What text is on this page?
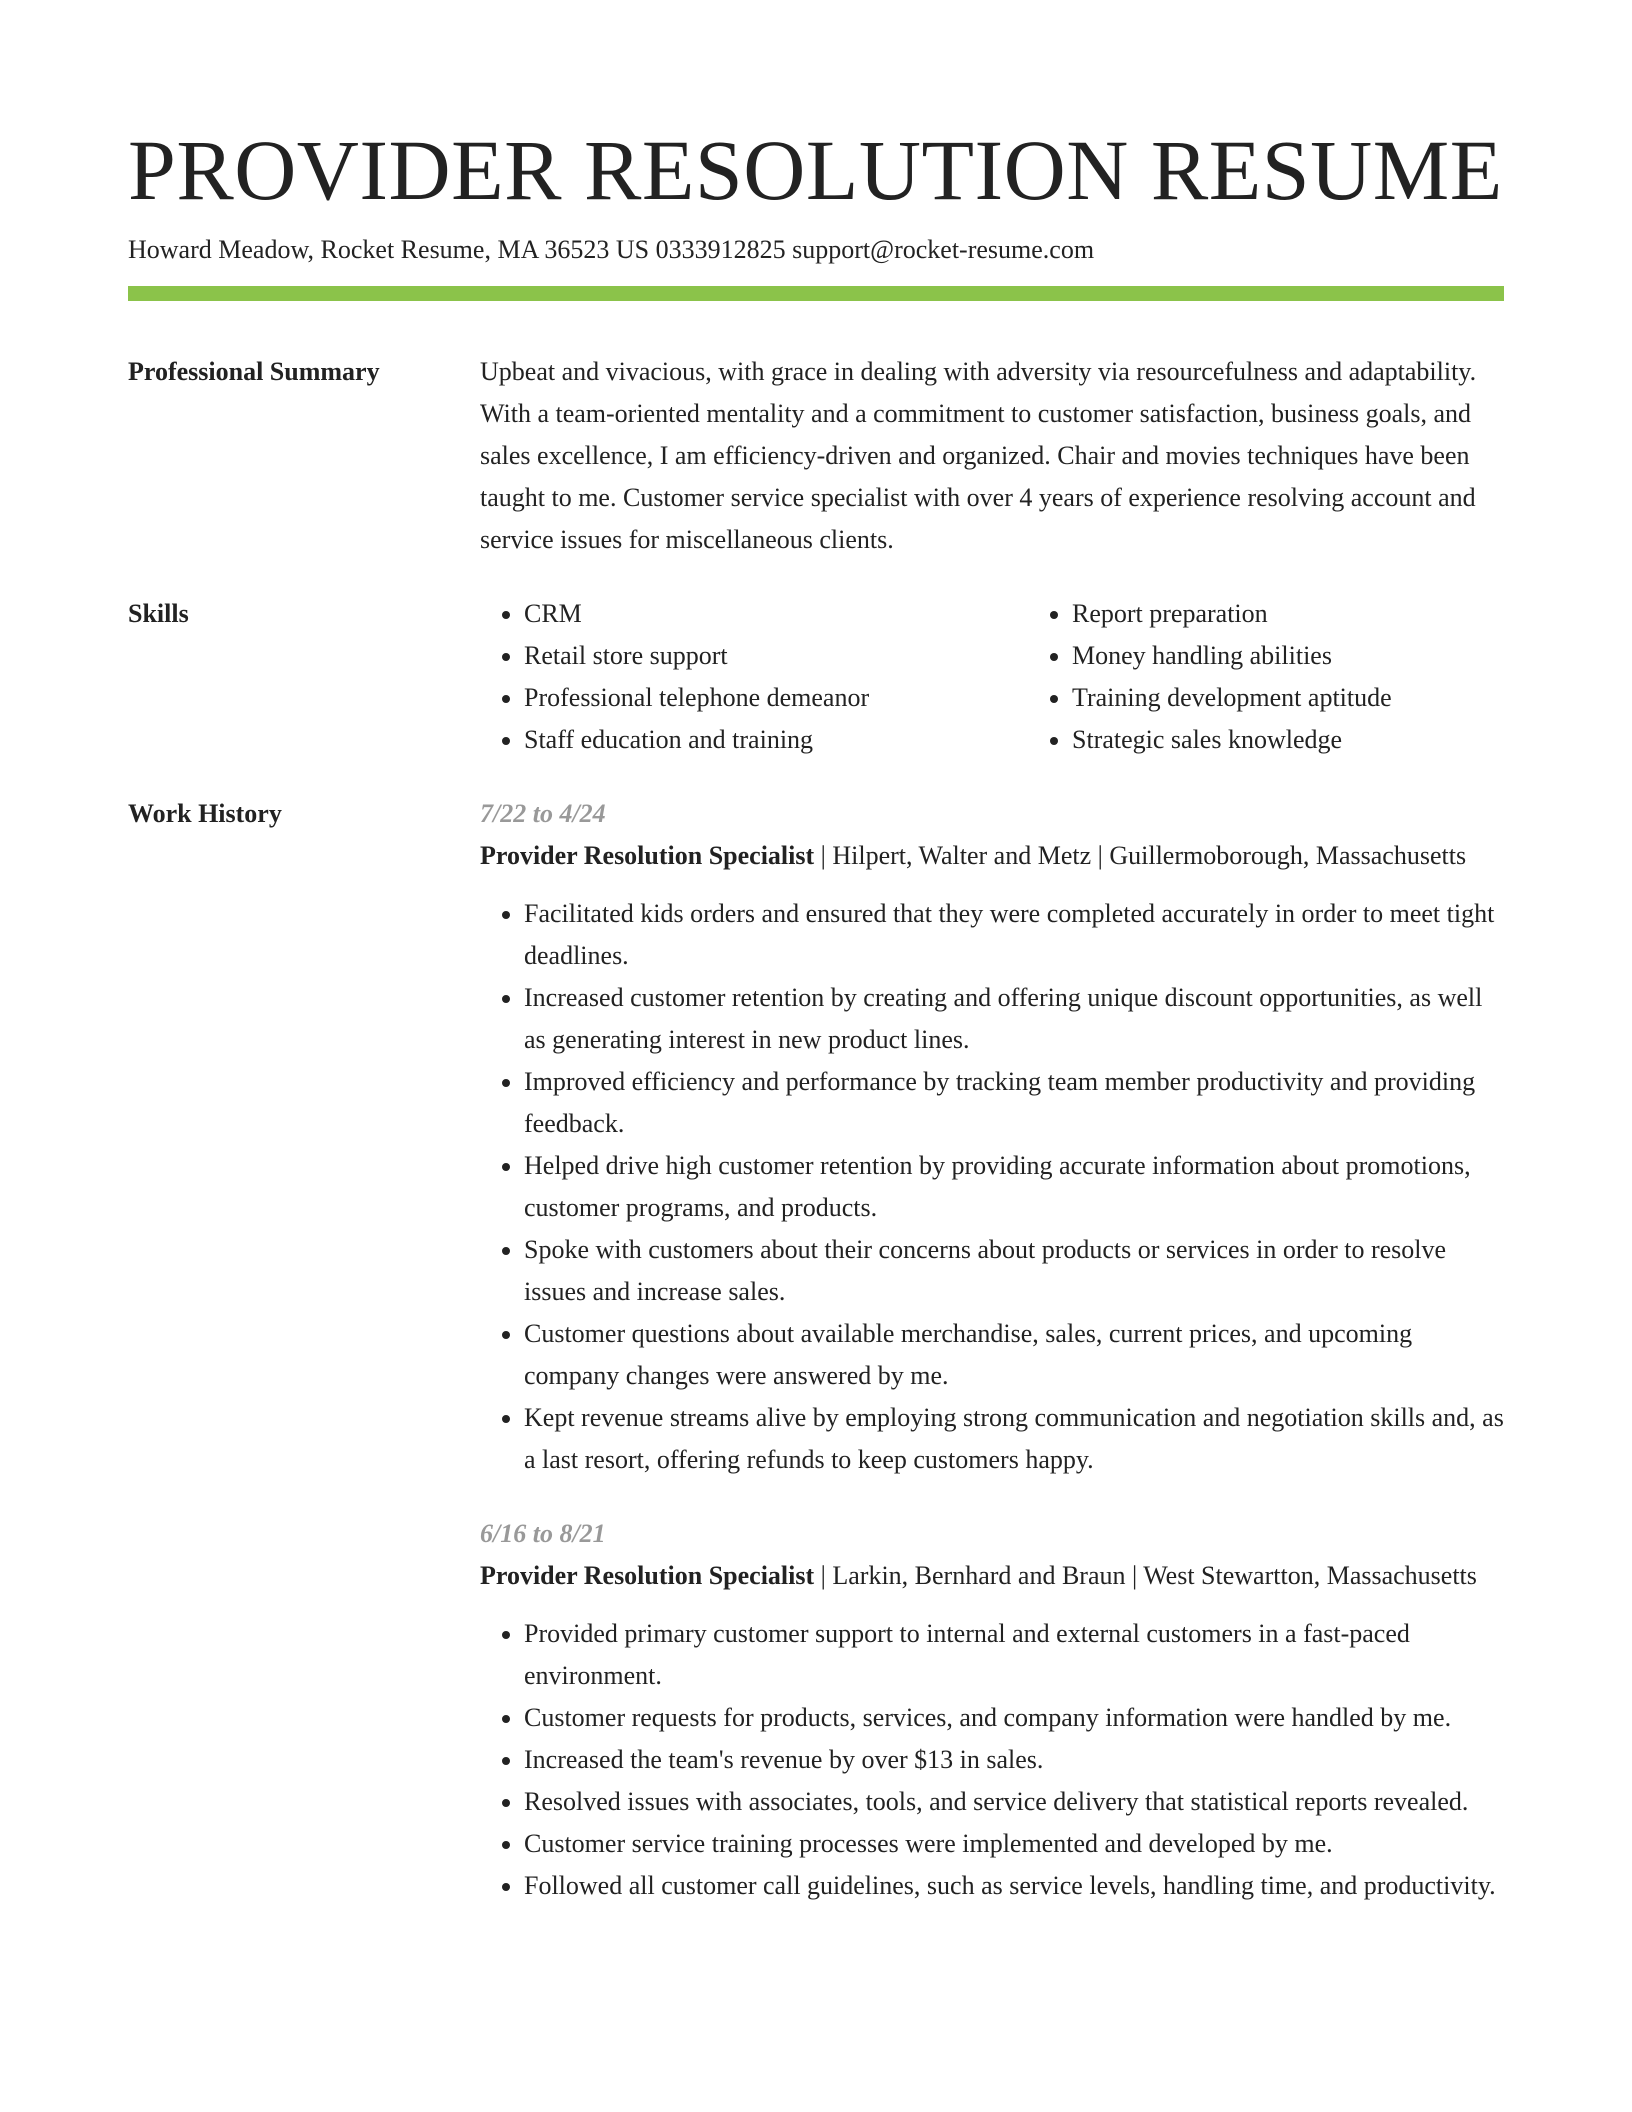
PROVIDER RESOLUTION RESUME
Howard Meadow, Rocket Resume, MA 36523 US 0333912825 support@rocket-resume.com
Professional Summary	Upbeat and vivacious, with grace in dealing with adversity via resourcefulness and adaptability. With a team-oriented mentality and a commitment to customer satisfaction, business goals, and sales excellence, I am efficiency-driven and organized. Chair and movies techniques have been taught to me. Customer service specialist with over 4 years of experience resolving account and service issues for miscellaneous clients.
Skills
•	CRM
• Retail store support
• Professional telephone demeanor
• Staff education and training
• Report preparation
• Money handling abilities
• Training development aptitude
• Strategic sales knowledge
Work History	7/22 to 4/24
Provider Resolution Specialist | Hilpert, Walter and Metz | Guillermoborough, Massachusetts
• Facilitated kids orders and ensured that they were completed accurately in order to meet tight deadlines.
• Increased customer retention by creating and offering unique discount opportunities, as well as generating interest in new product lines.
• Improved efficiency and performance by tracking team member productivity and providing feedback.
• Helped drive high customer retention by providing accurate information about promotions, customer programs, and products.
• Spoke with customers about their concerns about products or services in order to resolve issues and increase sales.
• Customer questions about available merchandise, sales, current prices, and upcoming company changes were answered by me.
• Kept revenue streams alive by employing strong communication and negotiation skills and, as a last resort, offering refunds to keep customers happy.
6/16 to 8/21
Provider Resolution Specialist | Larkin, Bernhard and Braun | West Stewartton, Massachusetts
• Provided primary customer support to internal and external customers in a fast-paced environment.
• Customer requests for products, services, and company information were handled by me.
• Increased the team's revenue by over $13 in sales.
• Resolved issues with associates, tools, and service delivery that statistical reports revealed.
• Customer service training processes were implemented and developed by me.
• Followed all customer call guidelines, such as service levels, handling time, and productivity.
